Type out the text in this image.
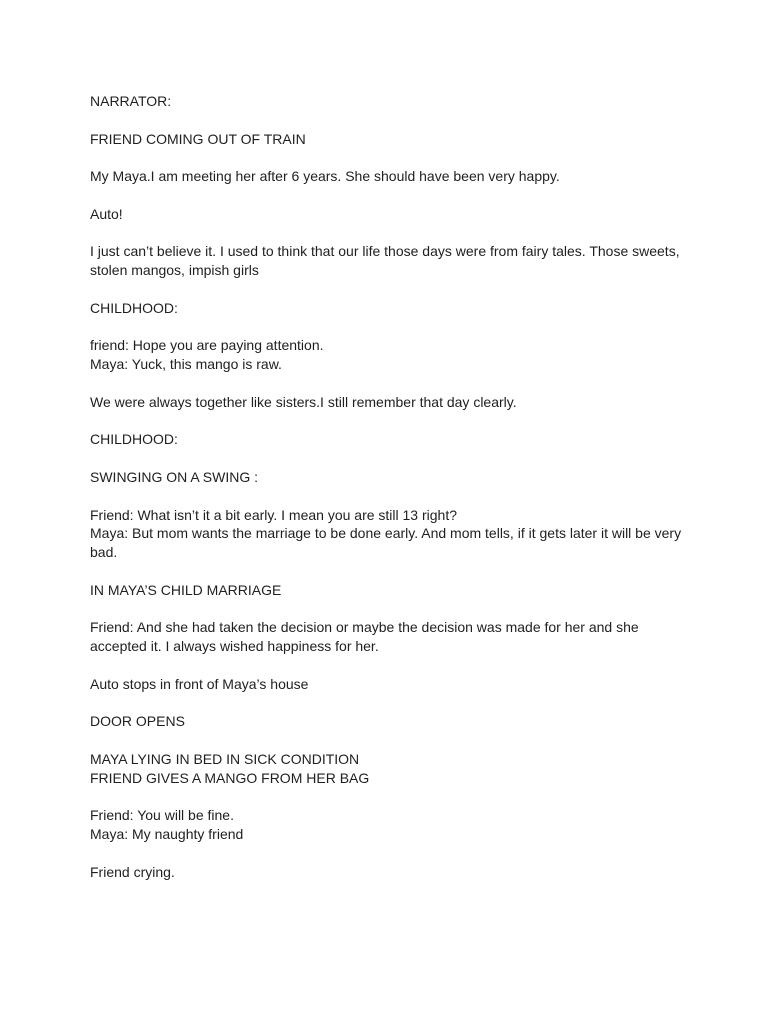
NARRATOR:

FRIEND COMING OUT OF TRAIN

My Maya.I am meeting her after 6 years. She should have been very happy.

Auto!

I just can’t believe it. I used to think that our life those days were from fairy tales. Those sweets, stolen mangos, impish girls

CHILDHOOD:

friend: Hope you are paying attention.
Maya: Yuck, this mango is raw.

We were always together like sisters.I still remember that day clearly.

CHILDHOOD:

SWINGING ON A SWING :

Friend: What isn’t it a bit early. I mean you are still 13 right?
Maya: But mom wants the marriage to be done early. And mom tells, if it gets later it will be very bad.

IN MAYA’S CHILD MARRIAGE

Friend: And she had taken the decision or maybe the decision was made for her and she accepted it. I always wished happiness for her.

Auto stops in front of Maya’s house

DOOR OPENS

MAYA LYING IN BED IN SICK CONDITION
FRIEND GIVES A MANGO FROM HER BAG

Friend: You will be fine.
Maya: My naughty friend

Friend crying.
